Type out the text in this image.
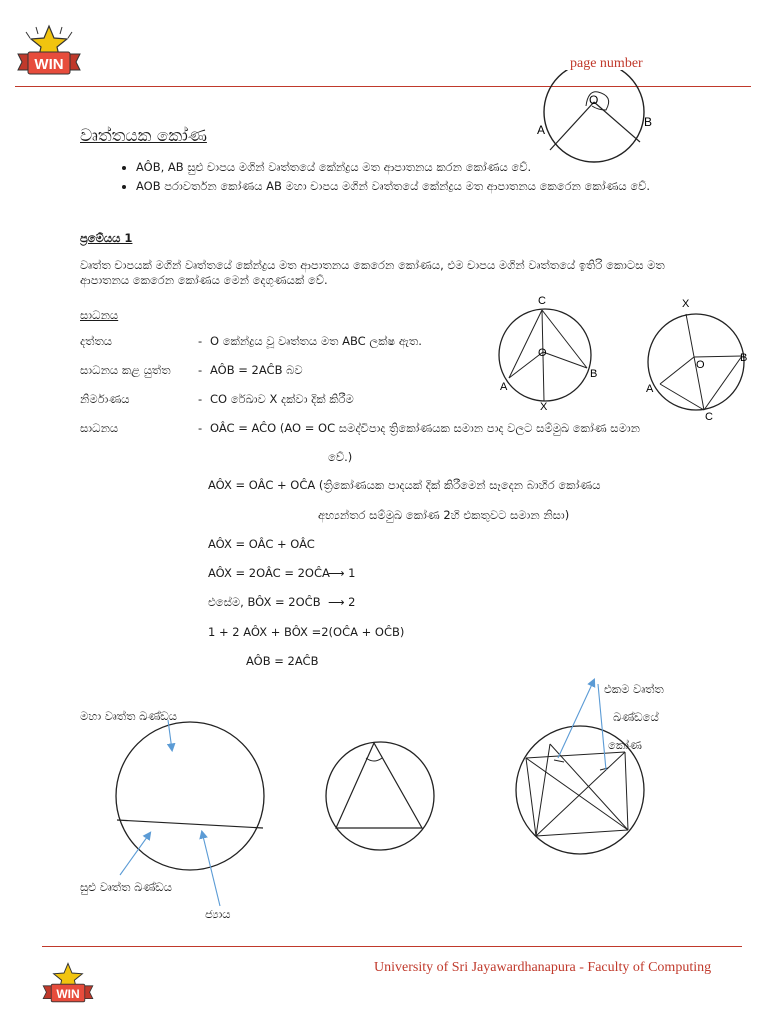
WIN	page number
O
A
B
වෘත්තයක කෝණ
• AÔB, AB සුළු චාපය මගින් වෘත්තයේ කේන්ද්‍රය මත ආපාතනය කරන කෝණය වේ.
• AOB පරාවර්තන කෝණය AB මහා චාපය මගින් වෘත්තයේ කේන්ද්‍රය මත ආපාතනය කෙරෙන කෝණය වේ.
ප්‍රමේයය 1
වෘත්ත චාපයක් මගින් වෘත්තයේ කේන්ද්‍රය මත ආපාතනය කෙරෙන කෝණය, එම චාපය මගින් වෘත්තයේ ඉතිරි කොටස මත ආපාතනය කෙරෙන කෝණය මෙන් දෙගුණයක් වේ.
සාධනය
දත්තය	- O කේන්ද්‍රය වූ වෘත්තය මත ABC ලක්ෂ ඇත.
සාධනය කළ යුත්ත - AÔB = 2AĈB බව
නිර්මාණය	- CO රේඛාව X දක්වා දික් කිරීම
සාධනය	- OÂC = AĈO (AO = OC සමද්විපාද ත්‍රිකෝණයක සමාන පාද වලට සම්මුඛ කෝණ සමාන
වේ.)
AÔX = OÂC + OĈA (ත්‍රිකෝණයක පාදයක් දික් කිරීමෙන් සෑදෙන බාහිර කෝණය
අභ්‍යන්තර සම්මුඛ කෝණ 2හි එකතුවට සමාන නිසා)
AÔX = OÂC + OÂC
AÔX = 2OÂC = 2OĈA
එසේම, BÔX = 2OĈB
1 + 2 AÔX + BÔX =2(OĈA + OĈB)
AÔB = 2AĈB
⟶ 1
⟶ 2
C
O
A
B
X
X
O
A
B
C
මහා වෘත්ත ඛණ්ඩය
සුළු වෘත්ත ඛණ්ඩය
ජ්‍යාය
එකම වෘත්ත
ඛණ්ඩයේ
කෝණ
University of Sri Jayawardhanapura - Faculty of Computing
WIN
